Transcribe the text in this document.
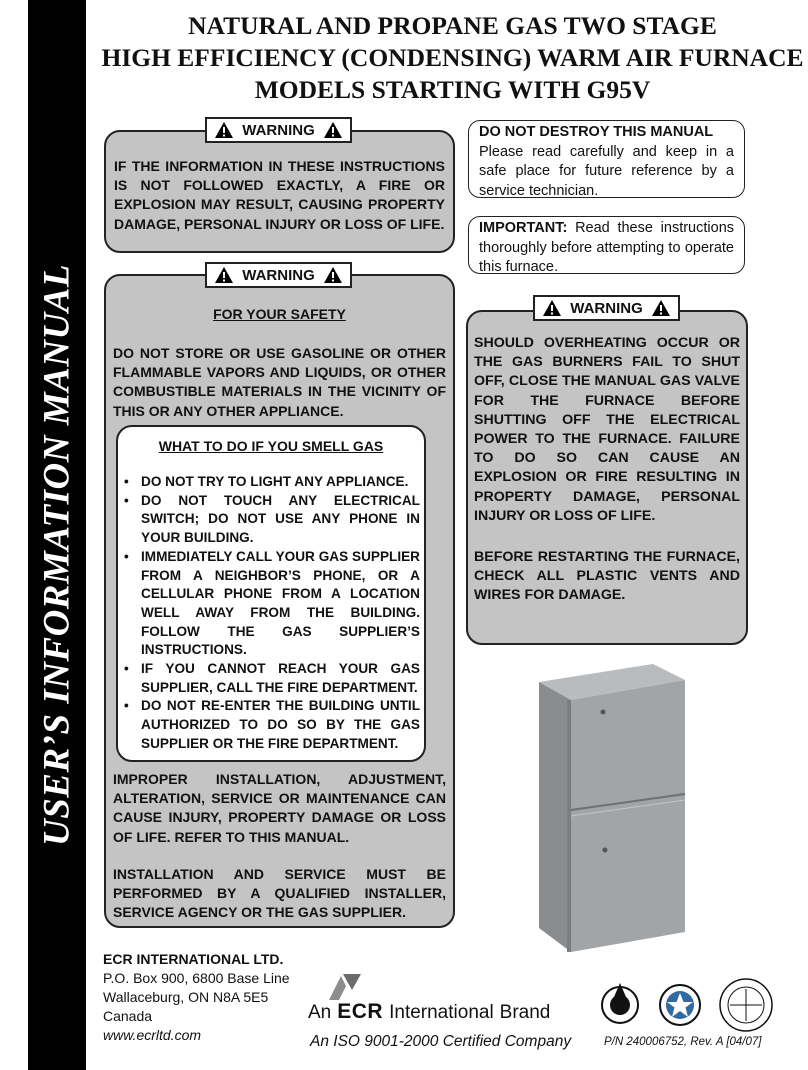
USER’S INFORMATION MANUAL
NATURAL AND PROPANE GAS TWO STAGE
HIGH EFFICIENCY (CONDENSING) WARM AIR FURNACE
MODELS STARTING WITH G95V
IF THE INFORMATION IN THESE INSTRUCTIONS IS NOT FOLLOWED EXACTLY, A FIRE OR EXPLOSION MAY RESULT, CAUSING PROPERTY DAMAGE, PERSONAL INJURY OR LOSS OF LIFE.
WARNING
WARNING
FOR YOUR SAFETY
DO NOT STORE OR USE GASOLINE OR OTHER FLAMMABLE VAPORS AND LIQUIDS, OR OTHER COMBUSTIBLE MATERIALS IN THE VICINITY OF THIS OR ANY OTHER APPLIANCE.
WHAT TO DO IF YOU SMELL GAS
• DO NOT TRY TO LIGHT ANY APPLIANCE.
• DO NOT TOUCH ANY ELECTRICAL SWITCH; DO NOT USE ANY PHONE IN YOUR BUILDING.
• IMMEDIATELY CALL YOUR GAS SUPPLIER FROM A NEIGHBOR’S PHONE, OR A CELLULAR PHONE FROM A LOCATION WELL AWAY FROM THE BUILDING. FOLLOW THE GAS SUPPLIER’S INSTRUCTIONS.
• IF YOU CANNOT REACH YOUR GAS SUPPLIER, CALL THE FIRE DEPARTMENT.
• DO NOT RE-ENTER THE BUILDING UNTIL AUTHORIZED TO DO SO BY THE GAS SUPPLIER OR THE FIRE DEPARTMENT.
IMPROPER INSTALLATION, ADJUSTMENT, ALTERATION, SERVICE OR MAINTENANCE CAN CAUSE INJURY, PROPERTY DAMAGE OR LOSS OF LIFE. REFER TO THIS MANUAL.
INSTALLATION AND SERVICE MUST BE PERFORMED BY A QUALIFIED INSTALLER, SERVICE AGENCY OR THE GAS SUPPLIER.
DO NOT DESTROY THIS MANUAL
Please read carefully and keep in a safe place for future reference by a service technician.
IMPORTANT: Read these instructions thoroughly before attempting to operate this furnace.
SHOULD OVERHEATING OCCUR OR THE GAS BURNERS FAIL TO SHUT OFF, CLOSE THE MANUAL GAS VALVE FOR THE FURNACE BEFORE SHUTTING OFF THE ELECTRICAL POWER TO THE FURNACE. FAILURE TO DO SO CAN CAUSE AN EXPLOSION OR FIRE RESULTING IN PROPERTY DAMAGE, PERSONAL INJURY OR LOSS OF LIFE.
BEFORE RESTARTING THE FURNACE, CHECK ALL PLASTIC VENTS AND WIRES FOR DAMAGE.
WARNING
ECR INTERNATIONAL LTD.
P.O. Box 900, 6800 Base Line
Wallaceburg, ON N8A 5E5
Canada
www.ecrltd.com
An ECR International Brand
An ISO 9001-2000 Certified Company	P/N 240006752, Rev. A [04/07]
